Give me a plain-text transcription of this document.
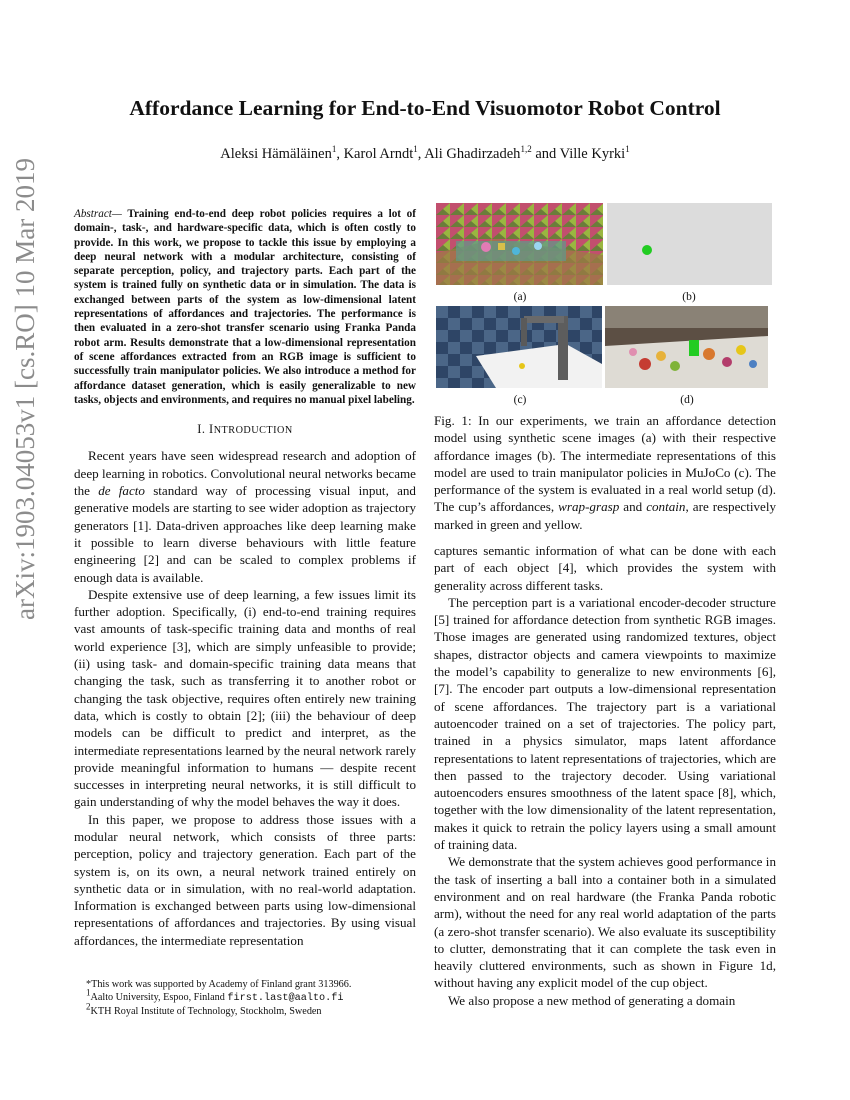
arXiv:1903.04053v1 [cs.RO] 10 Mar 2019
Affordance Learning for End-to-End Visuomotor Robot Control
Aleksi Hämäläinen$^1$, Karol Arndt$^1$, Ali Ghadirzadeh$^{1,2}$ and Ville Kyrki$^1$
Abstract— Training end-to-end deep robot policies requires a lot of domain-, task-, and hardware-specific data, which is often costly to provide. In this work, we propose to tackle this issue by employing a deep neural network with a modular architecture, consisting of separate perception, policy, and trajectory parts. Each part of the system is trained fully on synthetic data or in simulation. The data is exchanged between parts of the system as low-dimensional latent representations of affordances and trajectories. The performance is then evaluated in a zero-shot transfer scenario using Franka Panda robot arm. Results demonstrate that a low-dimensional representation of scene affordances extracted from an RGB image is sufficient to successfully train manipulator policies. We also introduce a method for affordance dataset generation, which is easily generalizable to new tasks, objects and environments, and requires no manual pixel labeling.
I. INTRODUCTION

Recent years have seen widespread research and adoption of deep learning in robotics. Convolutional neural networks became the de facto standard way of processing visual input, and generative models are starting to see wider adoption as trajectory generators [1]. Data-driven approaches like deep learning make it possible to learn diverse behaviours with little feature engineering [2] and can be scaled to complex problems if enough data is available.

Despite extensive use of deep learning, a few issues limit its further adoption. Specifically, (i) end-to-end training requires vast amounts of task-specific training data and months of real world experience [3], which are simply unfeasible to provide; (ii) using task- and domain-specific training data means that changing the task, such as transferring it to another robot or changing the task objective, requires often entirely new training data, which is costly to obtain [2]; (iii) the behaviour of deep models can be difficult to predict and interpret, as the intermediate representations learned by the neural network rarely provide meaningful information to humans — despite recent successes in interpreting neural networks, it is still difficult to gain understanding of why the model behaves the way it does.

In this paper, we propose to address those issues with a modular neural network, which consists of three parts: perception, policy and trajectory generation. Each part of the system is, on its own, a neural network trained entirely on synthetic data or in simulation, with no real-world adaptation. Information is exchanged between parts using low-dimensional representations of affordances and trajectories. By using visual affordances, the intermediate representation

*This work was supported by Academy of Finland grant 313966.
$^1$Aalto University, Espoo, Finland first.last@aalto.fi
$^2$KTH Royal Institute of Technology, Stockholm, Sweden
(a)	(b)
(c)	(d)
Fig. 1: In our experiments, we train an affordance detection model using synthetic scene images (a) with their respective affordance images (b). The intermediate representations of this model are used to train manipulator policies in MuJoCo (c). The performance of the system is evaluated in a real world setup (d). The cup’s affordances, wrap-grasp and contain, are respectively marked in green and yellow.

captures semantic information of what can be done with each part of each object [4], which provides the system with generality across different tasks.

The perception part is a variational encoder-decoder structure [5] trained for affordance detection from synthetic RGB images. Those images are generated using randomized textures, object shapes, distractor objects and camera viewpoints to maximize the model’s capability to generalize to new environments [6], [7]. The encoder part outputs a low-dimensional representation of scene affordances. The trajectory part is a variational autoencoder trained on a set of trajectories. The policy part, trained in a physics simulator, maps latent affordance representations to latent representations of trajectories, which are then passed to the trajectory decoder. Using variational autoencoders ensures smoothness of the latent space [8], which, together with the low dimensionality of the latent representation, makes it quick to retrain the policy layers using a small amount of training data.

We demonstrate that the system achieves good performance in the task of inserting a ball into a container both in a simulated environment and on real hardware (the Franka Panda robotic arm), without the need for any real world adaptation of the parts (a zero-shot transfer scenario). We also evaluate its susceptibility to clutter, demonstrating that it can complete the task even in heavily cluttered environments, such as shown in Figure 1d, without having any explicit model of the cup object.

We also propose a new method of generating a domain
